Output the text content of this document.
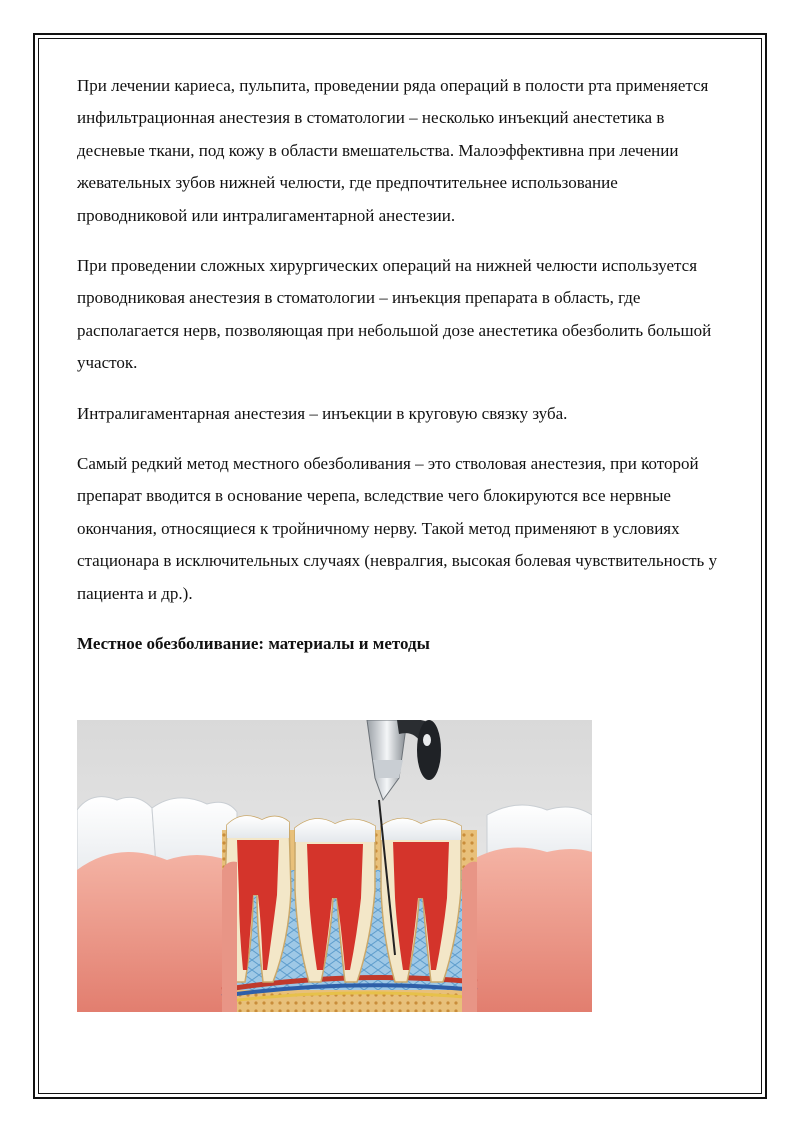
При лечении кариеса, пульпита, проведении ряда операций в полости рта применяется инфильтрационная анестезия в стоматологии – несколько инъекций анестетика в десневые ткани, под кожу в области вмешательства. Малоэффективна при лечении жевательных зубов нижней челюсти, где предпочтительнее использование проводниковой или интралигаментарной анестезии.

При проведении сложных хирургических операций на нижней челюсти используется проводниковая анестезия в стоматологии – инъекция препарата в область, где располагается нерв, позволяющая при небольшой дозе анестетика обезболить большой участок.

Интралигаментарная анестезия – инъекции в круговую связку зуба.

Самый редкий метод местного обезболивания – это стволовая анестезия, при которой препарат вводится в основание черепа, вследствие чего блокируются все нервные окончания, относящиеся к тройничному нерву. Такой метод применяют в условиях стационара в исключительных случаях (невралгия, высокая болевая чувствительность у пациента и др.).

Местное обезболивание: материалы и методы
